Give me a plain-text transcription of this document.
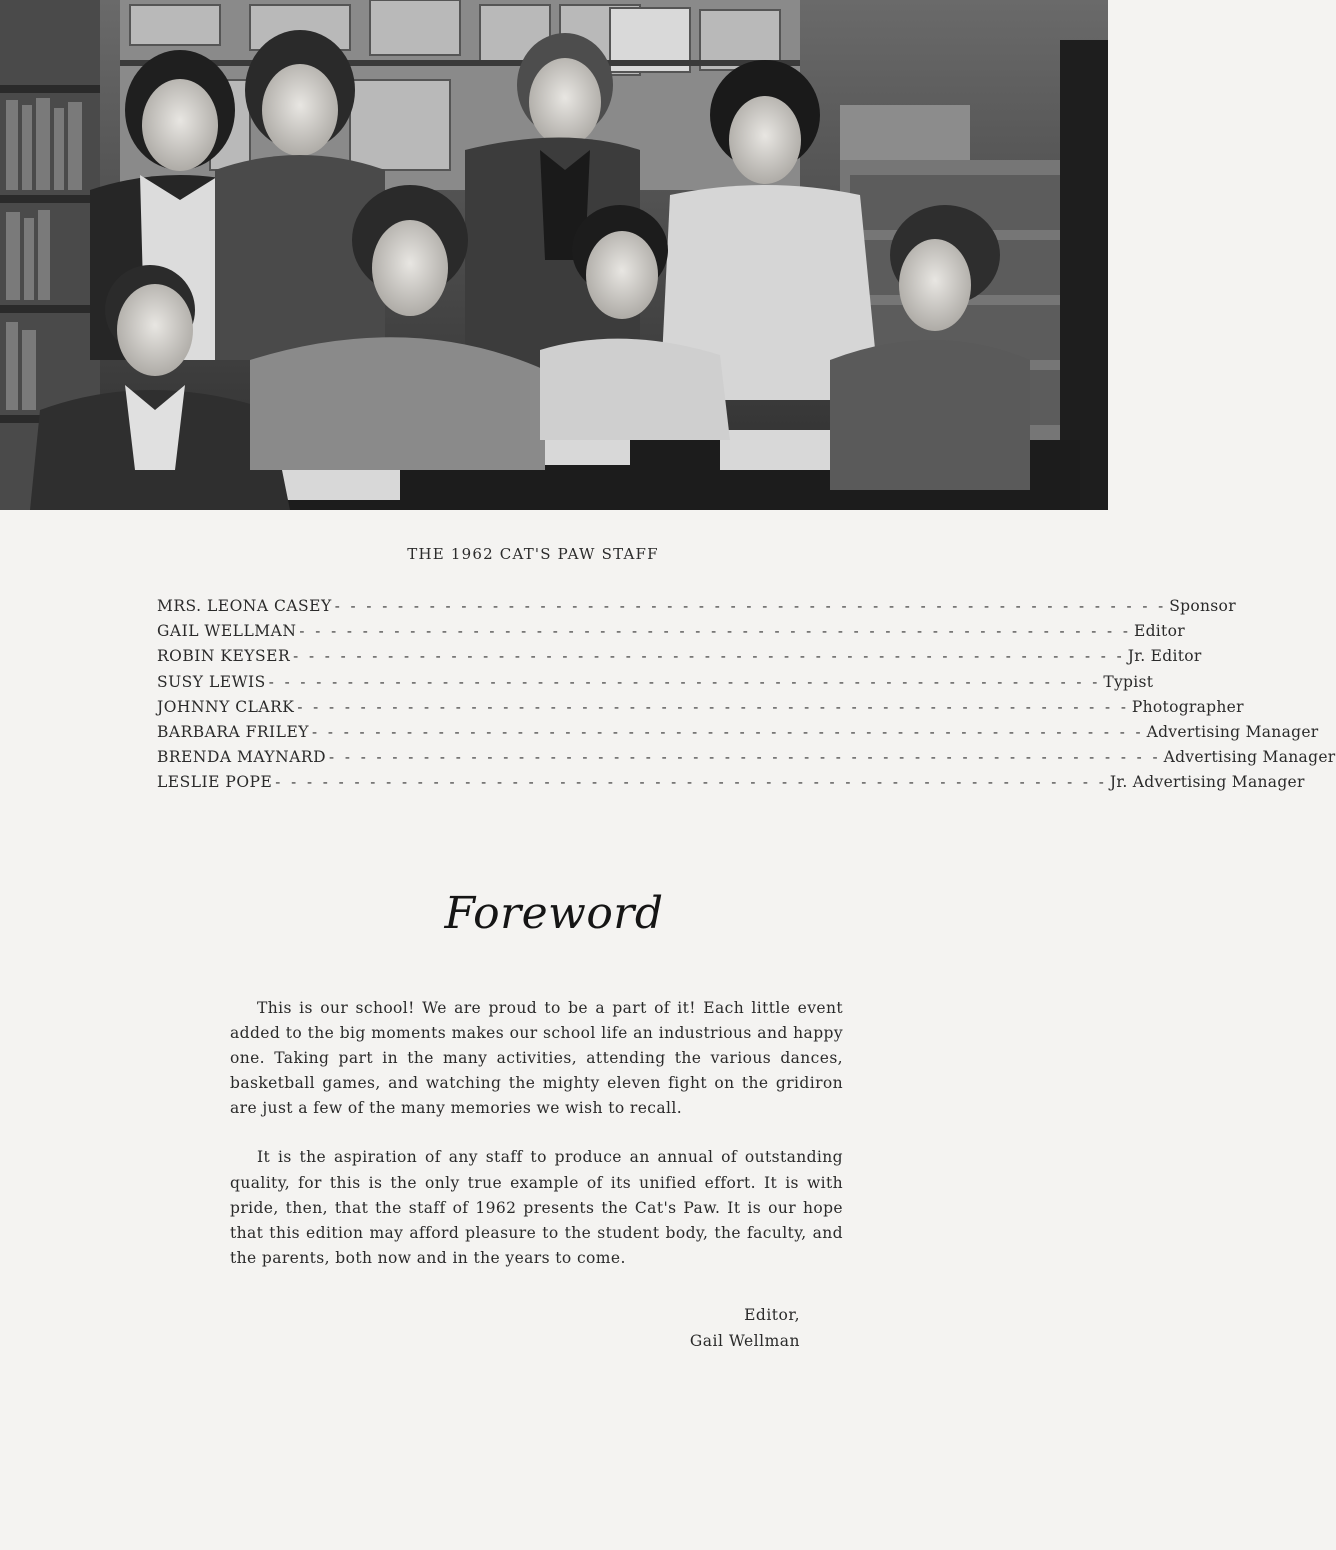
THE 1962 CAT'S PAW STAFF
MRS. LEONA CASEY - - - - - - - - - - - - - - - - - - - - - - - - - - - - - - - - - - - - - - - - - - - - - - - - - - - - - Sponsor
GAIL WELLMAN - - - - - - - - - - - - - - - - - - - - - - - - - - - - - - - - - - - - - - - - - - - - - - - - - - - - - Editor
ROBIN KEYSER - - - - - - - - - - - - - - - - - - - - - - - - - - - - - - - - - - - - - - - - - - - - - - - - - - - - - Jr. Editor
SUSY LEWIS - - - - - - - - - - - - - - - - - - - - - - - - - - - - - - - - - - - - - - - - - - - - - - - - - - - - - Typist
JOHNNY CLARK - - - - - - - - - - - - - - - - - - - - - - - - - - - - - - - - - - - - - - - - - - - - - - - - - - - - - Photographer
BARBARA FRILEY - - - - - - - - - - - - - - - - - - - - - - - - - - - - - - - - - - - - - - - - - - - - - - - - - - - - - Advertising Manager
BRENDA MAYNARD - - - - - - - - - - - - - - - - - - - - - - - - - - - - - - - - - - - - - - - - - - - - - - - - - - - - - Advertising Manager
LESLIE POPE - - - - - - - - - - - - - - - - - - - - - - - - - - - - - - - - - - - - - - - - - - - - - - - - - - - - - Jr. Advertising Manager
Foreword

This is our school! We are proud to be a part of it! Each little event added to the big moments makes our school life an industrious and happy one. Taking part in the many activities, attending the various dances, basketball games, and watching the mighty eleven fight on the gridiron are just a few of the many memories we wish to recall.

It is the aspiration of any staff to produce an annual of outstanding quality, for this is the only true example of its unified effort. It is with pride, then, that the staff of 1962 presents the Cat's Paw. It is our hope that this edition may afford pleasure to the student body, the faculty, and the parents, both now and in the years to come.

Editor,
Gail Wellman
